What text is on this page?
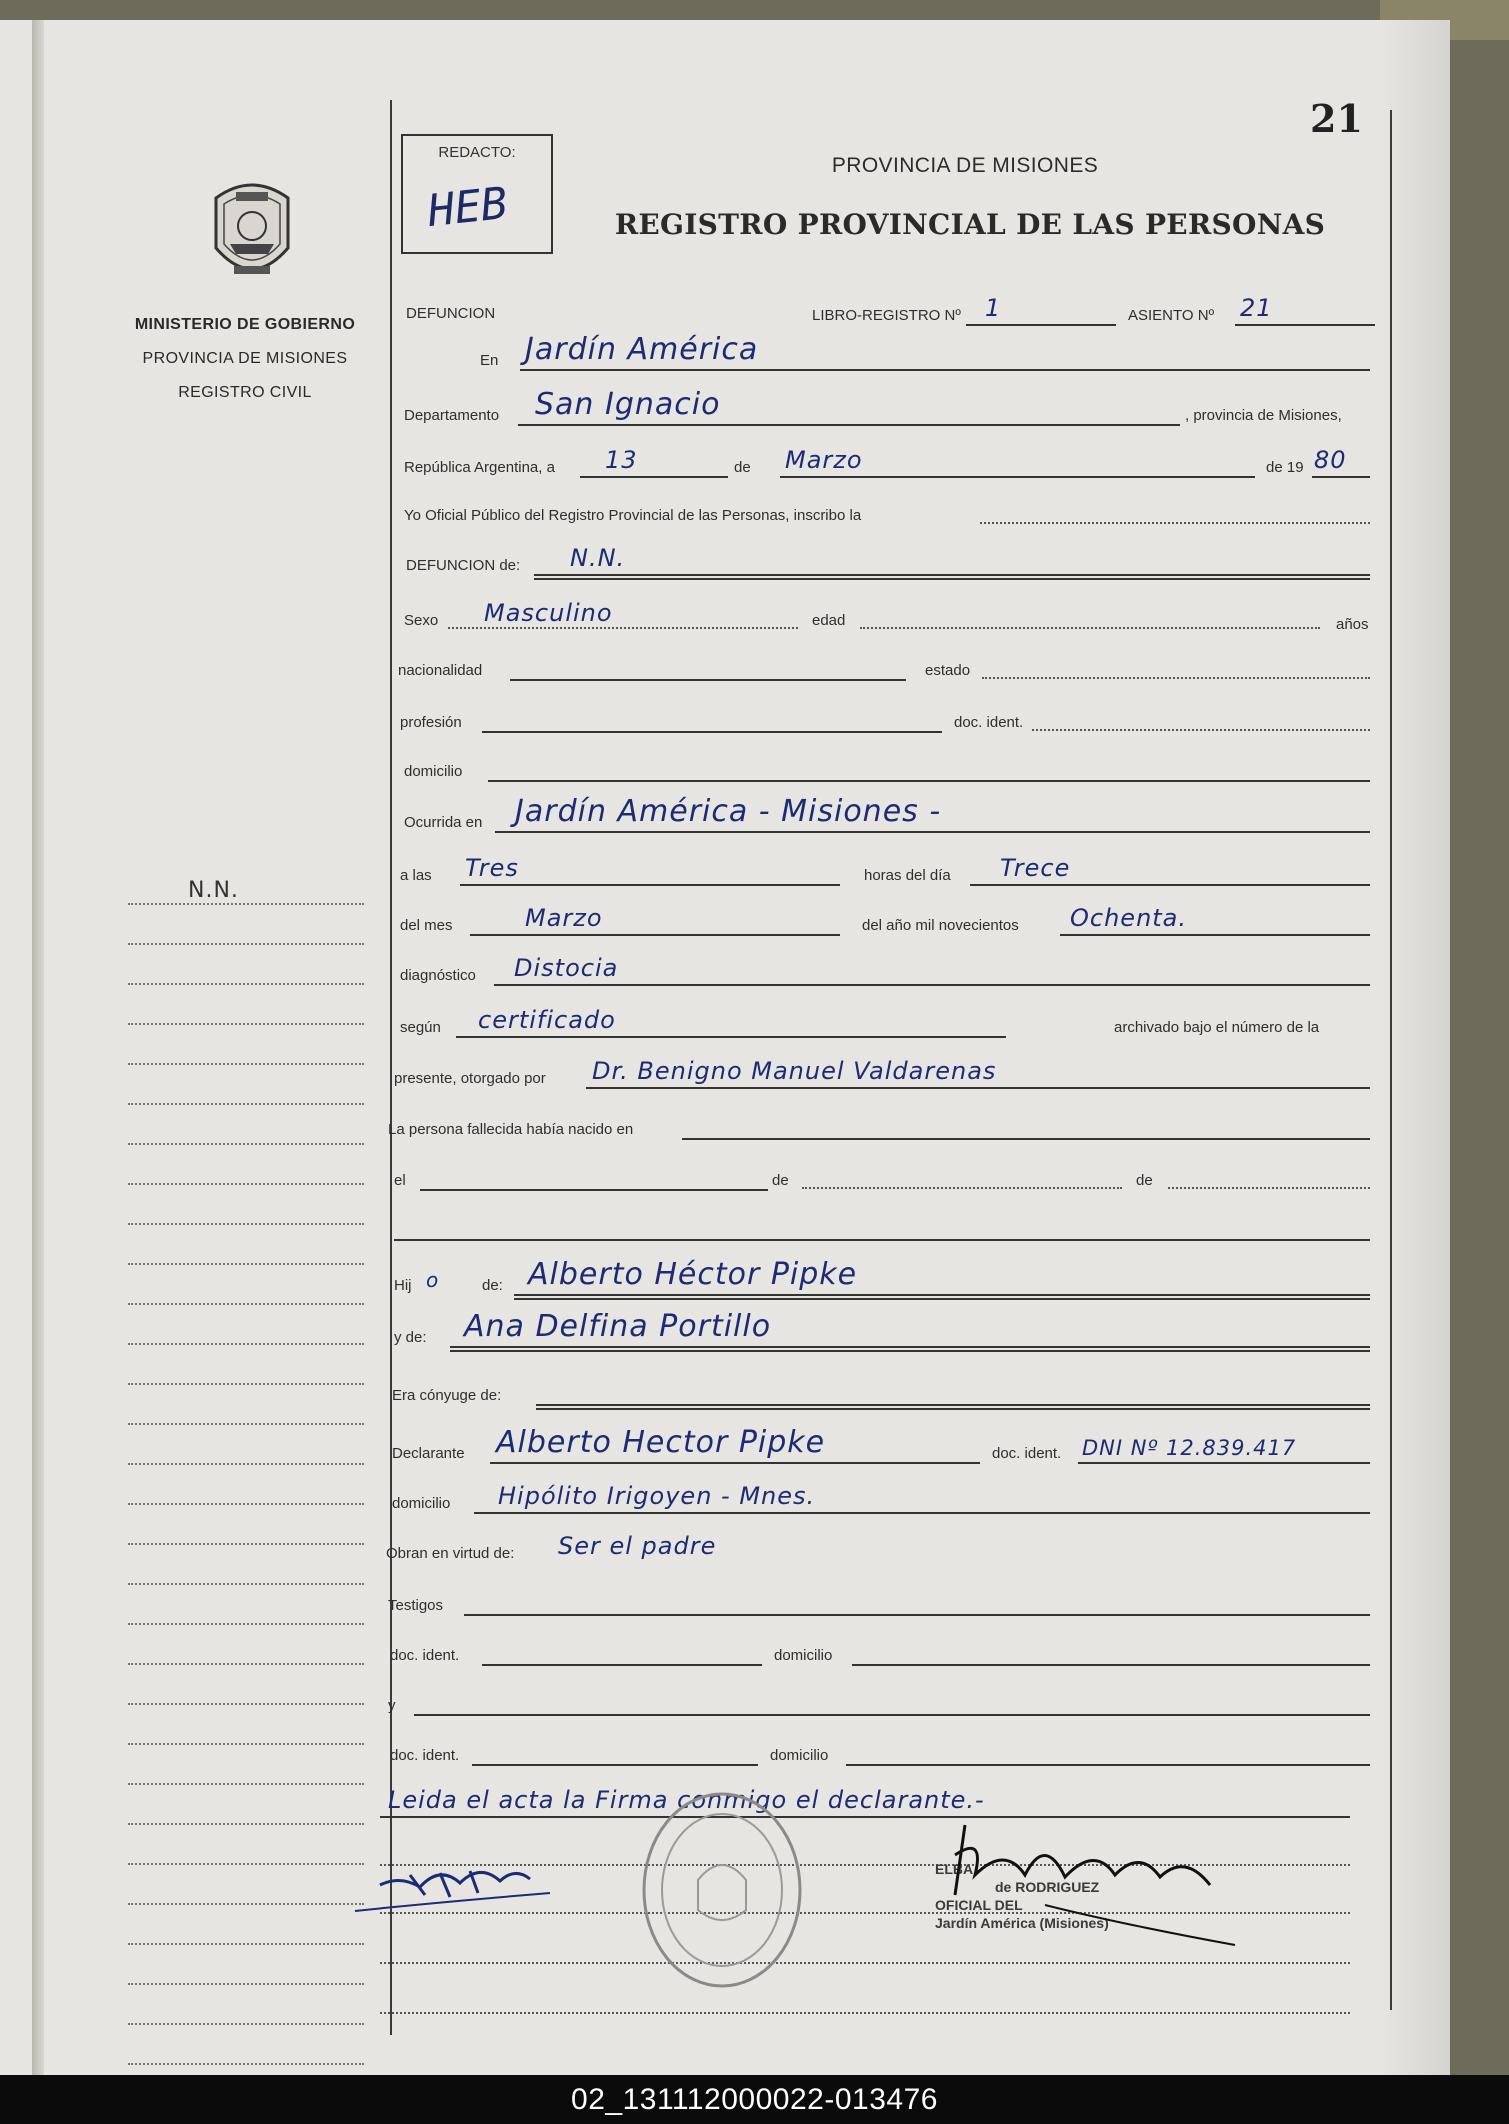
MINISTERIO DE GOBIERNO
PROVINCIA DE MISIONES
REGISTRO CIVIL
N.N.
REDACTO:
HEB
21
PROVINCIA DE MISIONES
REGISTRO PROVINCIAL DE LAS PERSONAS
DEFUNCION	LIBRO-REGISTRO Nº 1	ASIENTO Nº 21
En Jardín América
Departamento San Ignacio	, provincia de Misiones,
República Argentina, a 13	de Marzo	de 19 80
Yo Oficial Público del Registro Provincial de las Personas, inscribo la
DEFUNCION de: N.N.
Sexo Masculino	edad	años
nacionalidad	estado
profesión	doc. ident.
domicilio
Ocurrida en Jardín América - Misiones -
a las Tres	horas del día Trece
del mes	Marzo	del año mil novecientos Ochenta.
diagnóstico Distocia
según certificado	archivado bajo el número de la
presente, otorgado por Dr. Benigno Manuel Valdarenas
La persona fallecida había nacido en
el	de	de
Hij o	de: Alberto Héctor Pipke
y de: Ana Delfina Portillo
Era cónyuge de:
Declarante Alberto Hector Pipke	doc. ident. DNI Nº 12.839.417
domicilio Hipólito Irigoyen - Mnes.
Obran en virtud de: Ser el padre
Testigos
doc. ident.	domicilio
y
doc. ident.	domicilio
Leida el acta la Firma conmigo el declarante.-
ELBA
de RODRIGUEZ
OFICIAL DEL
Jardín América (Misiones)
02_131112000022-013476
